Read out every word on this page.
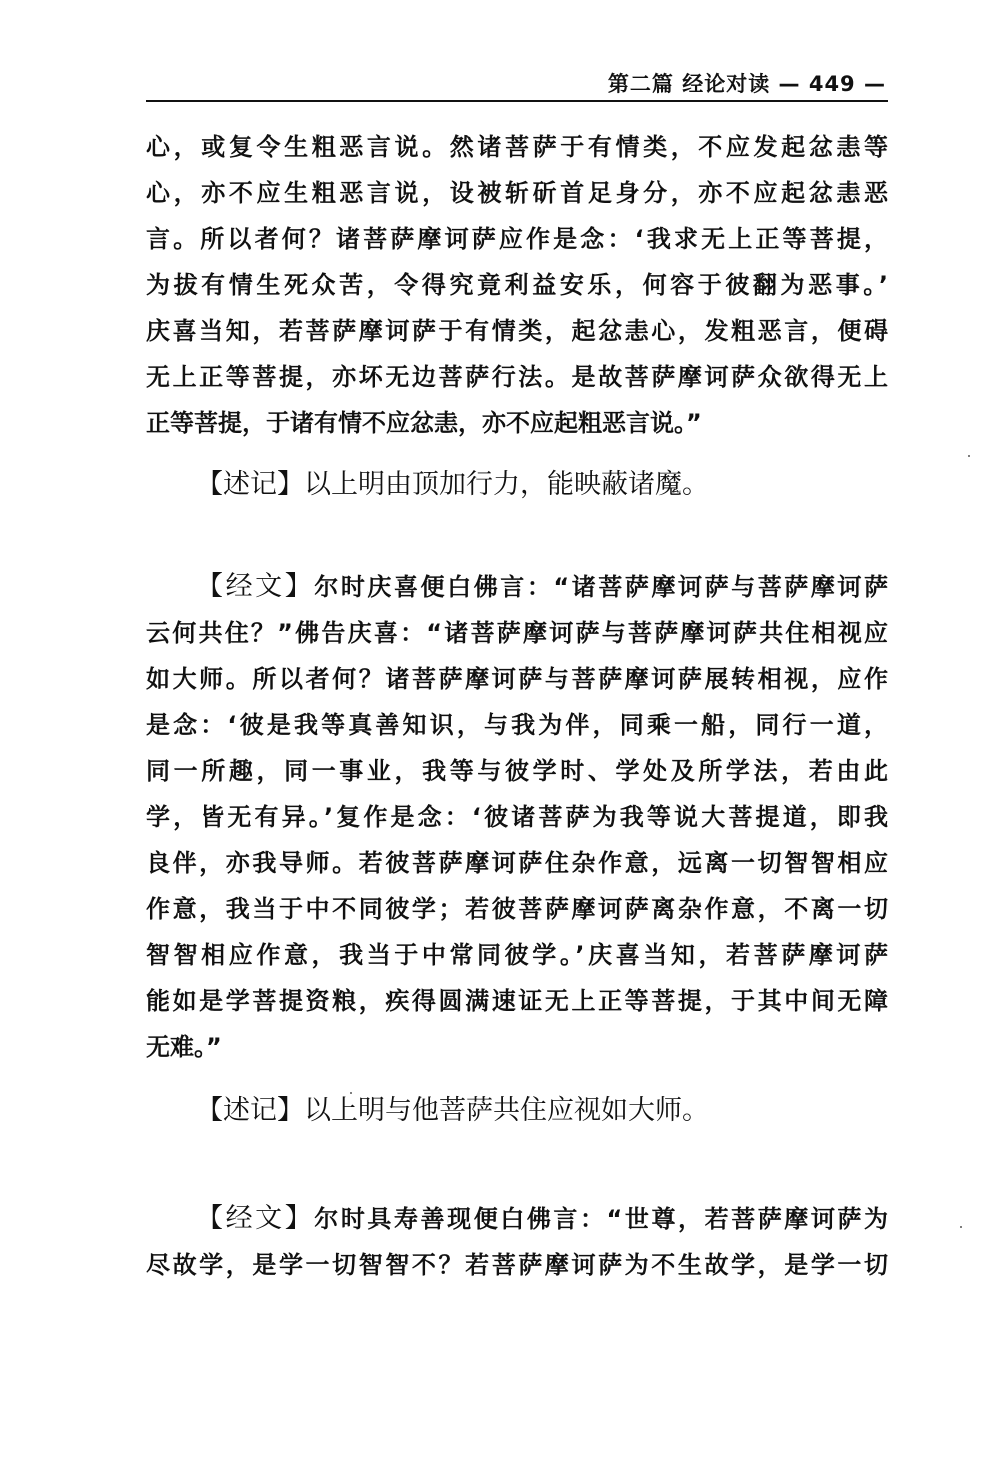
第二篇 经论对读 — 449 —
心，或复令生粗恶言说。然诸菩萨于有情类，不应发起忿恚等
心，亦不应生粗恶言说，设被斩斫首足身分，亦不应起忿恚恶
言。所以者何？诸菩萨摩诃萨应作是念：‘我求无上正等菩提，
为拔有情生死众苦，令得究竟利益安乐，何容于彼翻为恶事。’
庆喜当知，若菩萨摩诃萨于有情类，起忿恚心，发粗恶言，便碍
无上正等菩提，亦坏无边菩萨行法。是故菩萨摩诃萨众欲得无上
正等菩提，于诸有情不应忿恚，亦不应起粗恶言说。”
【述记】以上明由顶加行力，能映蔽诸魔。
【经文】尔时庆喜便白佛言：“诸菩萨摩诃萨与菩萨摩诃萨
云何共住？”佛告庆喜：“诸菩萨摩诃萨与菩萨摩诃萨共住相视应
如大师。所以者何？诸菩萨摩诃萨与菩萨摩诃萨展转相视，应作
是念：‘彼是我等真善知识，与我为伴，同乘一船，同行一道，
同一所趣，同一事业，我等与彼学时、学处及所学法，若由此
学，皆无有异。’复作是念：‘彼诸菩萨为我等说大菩提道，即我
良伴，亦我导师。若彼菩萨摩诃萨住杂作意，远离一切智智相应
作意，我当于中不同彼学；若彼菩萨摩诃萨离杂作意，不离一切
智智相应作意，我当于中常同彼学。’庆喜当知，若菩萨摩诃萨
能如是学菩提资粮，疾得圆满速证无上正等菩提，于其中间无障
无难。”
【述记】以上明与他菩萨共住应视如大师。
【经文】尔时具寿善现便白佛言：“世尊，若菩萨摩诃萨为
尽故学，是学一切智智不？若菩萨摩诃萨为不生故学，是学一切
